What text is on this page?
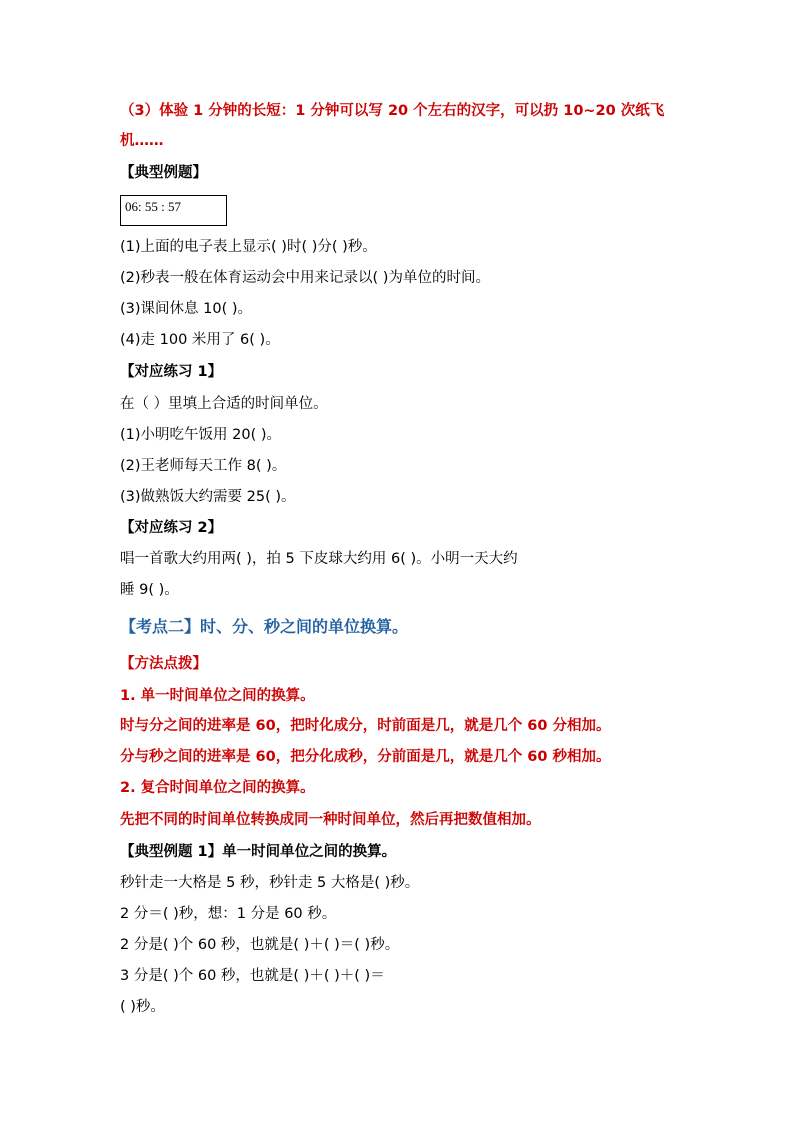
（3）体验 1 分钟的长短：1 分钟可以写 20 个左右的汉字，可以扔 10~20 次纸飞
机……
【典型例题】
06: 55 : 57
(1)上面的电子表上显示( )时( )分( )秒。
(2)秒表一般在体育运动会中用来记录以( )为单位的时间。
(3)课间休息 10( )。
(4)走 100 米用了 6( )。
【对应练习 1】
在（ ）里填上合适的时间单位。
(1)小明吃午饭用 20( )。
(2)王老师每天工作 8( )。
(3)做熟饭大约需要 25( )。
【对应练习 2】
唱一首歌大约用两( )，拍 5 下皮球大约用 6( )。小明一天大约
睡 9( )。
【考点二】时、分、秒之间的单位换算。
【方法点拨】
1. 单一时间单位之间的换算。
时与分之间的进率是 60，把时化成分，时前面是几，就是几个 60 分相加。
分与秒之间的进率是 60，把分化成秒，分前面是几，就是几个 60 秒相加。
2. 复合时间单位之间的换算。
先把不同的时间单位转换成同一种时间单位，然后再把数值相加。
【典型例题 1】单一时间单位之间的换算。
秒针走一大格是 5 秒，秒针走 5 大格是( )秒。
2 分＝( )秒，想：1 分是 60 秒。
2 分是( )个 60 秒，也就是( )＋( )＝( )秒。
3 分是( )个 60 秒，也就是( )＋( )＋( )＝
( )秒。
